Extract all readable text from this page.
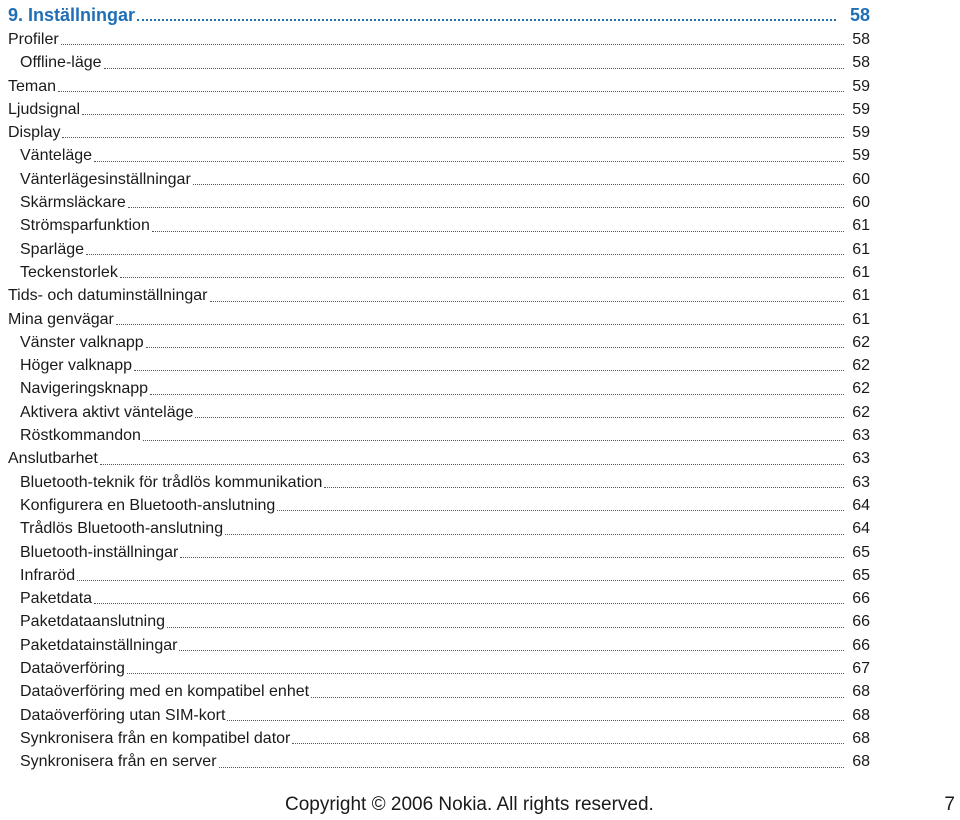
9. Inställningar	58
Profiler	58
Offline-läge	58
Teman	59
Ljudsignal	59
Display	59
Vänteläge	59
Vänterlägesinställningar	60
Skärmsläckare	60
Strömsparfunktion	61
Sparläge	61
Teckenstorlek	61
Tids- och datuminställningar	61
Mina genvägar	61
Vänster valknapp	62
Höger valknapp	62
Navigeringsknapp	62
Aktivera aktivt vänteläge	62
Röstkommandon	63
Anslutbarhet	63
Bluetooth-teknik för trådlös kommunikation	63
Konfigurera en Bluetooth-anslutning	64
Trådlös Bluetooth-anslutning	64
Bluetooth-inställningar	65
Infraröd	65
Paketdata	66
Paketdataanslutning	66
Paketdatainställningar	66
Dataöverföring	67
Dataöverföring med en kompatibel enhet	68
Dataöverföring utan SIM-kort	68
Synkronisera från en kompatibel dator	68
Synkronisera från en server	68
Copyright © 2006 Nokia. All rights reserved.	7
